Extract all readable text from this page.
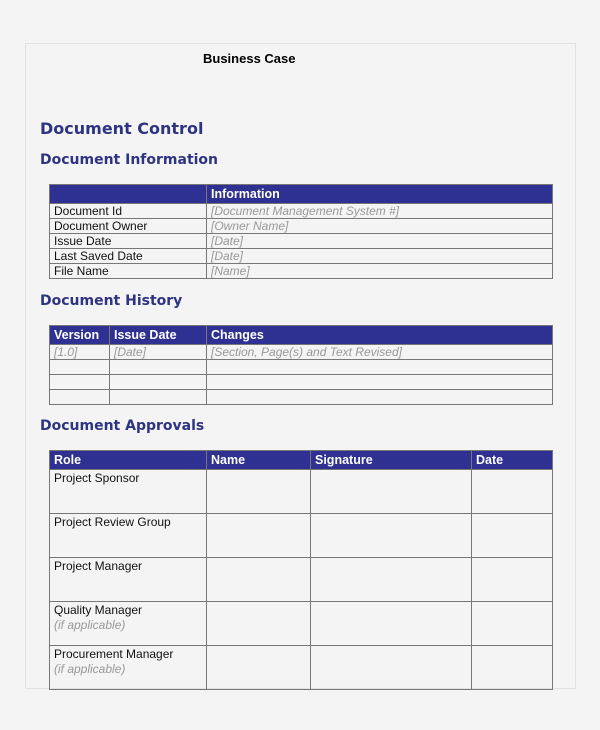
Business Case
Document Control
Document Information
	Information
Document Id	[Document Management System #]
Document Owner	[Owner Name]
Issue Date	[Date]
Last Saved Date	[Date]
File Name	[Name]
Document History
Version	Issue Date	Changes
[1.0]	[Date]	[Section, Page(s) and Text Revised]

Document Approvals
Role	Name	Signature	Date

Project Sponsor			

Project Review Group			

Project Manager			

Quality Manager
(if applicable)			

Procurement Manager
(if applicable)			
